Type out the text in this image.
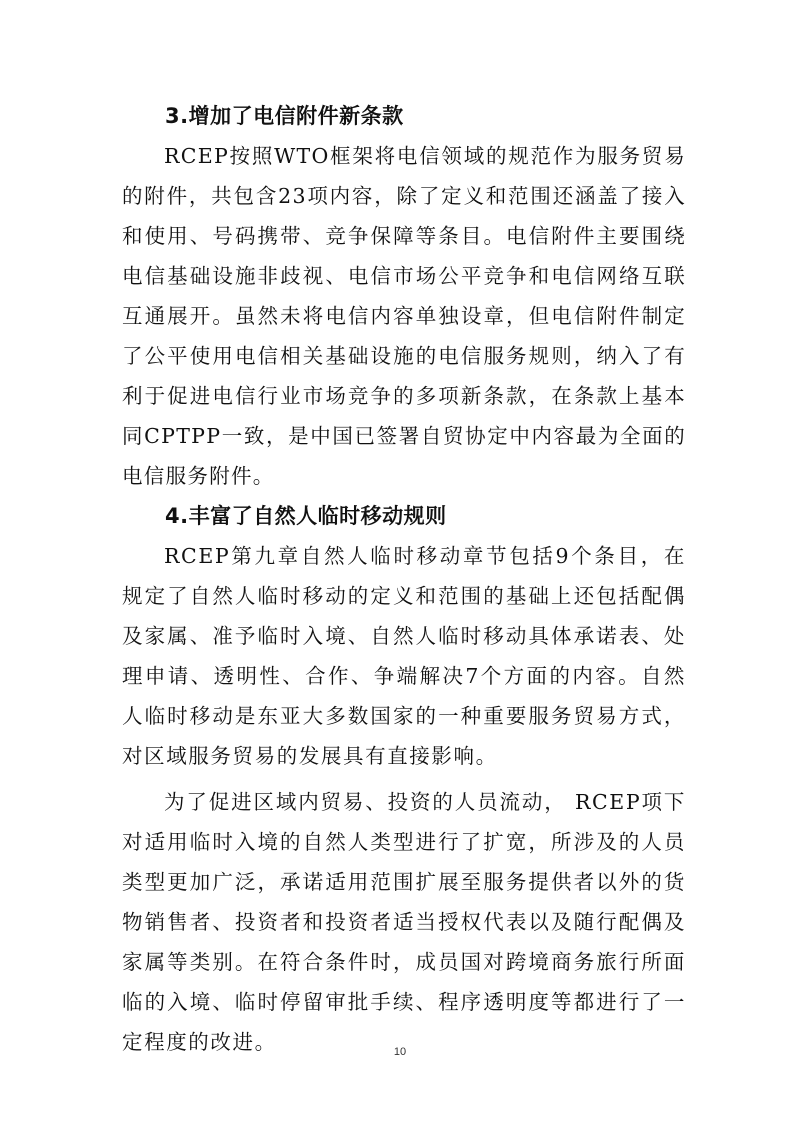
3.增加了电信附件新条款

RCEP按照WTO框架将电信领域的规范作为服务贸易的附件，共包含23项内容，除了定义和范围还涵盖了接入和使用、号码携带、竞争保障等条目。电信附件主要围绕电信基础设施非歧视、电信市场公平竞争和电信网络互联互通展开。虽然未将电信内容单独设章，但电信附件制定了公平使用电信相关基础设施的电信服务规则，纳入了有利于促进电信行业市场竞争的多项新条款，在条款上基本同CPTPP一致，是中国已签署自贸协定中内容最为全面的电信服务附件。

4.丰富了自然人临时移动规则

RCEP第九章自然人临时移动章节包括9个条目，在规定了自然人临时移动的定义和范围的基础上还包括配偶及家属、准予临时入境、自然人临时移动具体承诺表、处理申请、透明性、合作、争端解决7个方面的内容。自然人临时移动是东亚大多数国家的一种重要服务贸易方式，对区域服务贸易的发展具有直接影响。

为了促进区域内贸易、投资的人员流动， RCEP项下对适用临时入境的自然人类型进行了扩宽，所涉及的人员类型更加广泛，承诺适用范围扩展至服务提供者以外的货物销售者、投资者和投资者适当授权代表以及随行配偶及家属等类别。在符合条件时，成员国对跨境商务旅行所面临的入境、临时停留审批手续、程序透明度等都进行了一定程度的改进。	10
